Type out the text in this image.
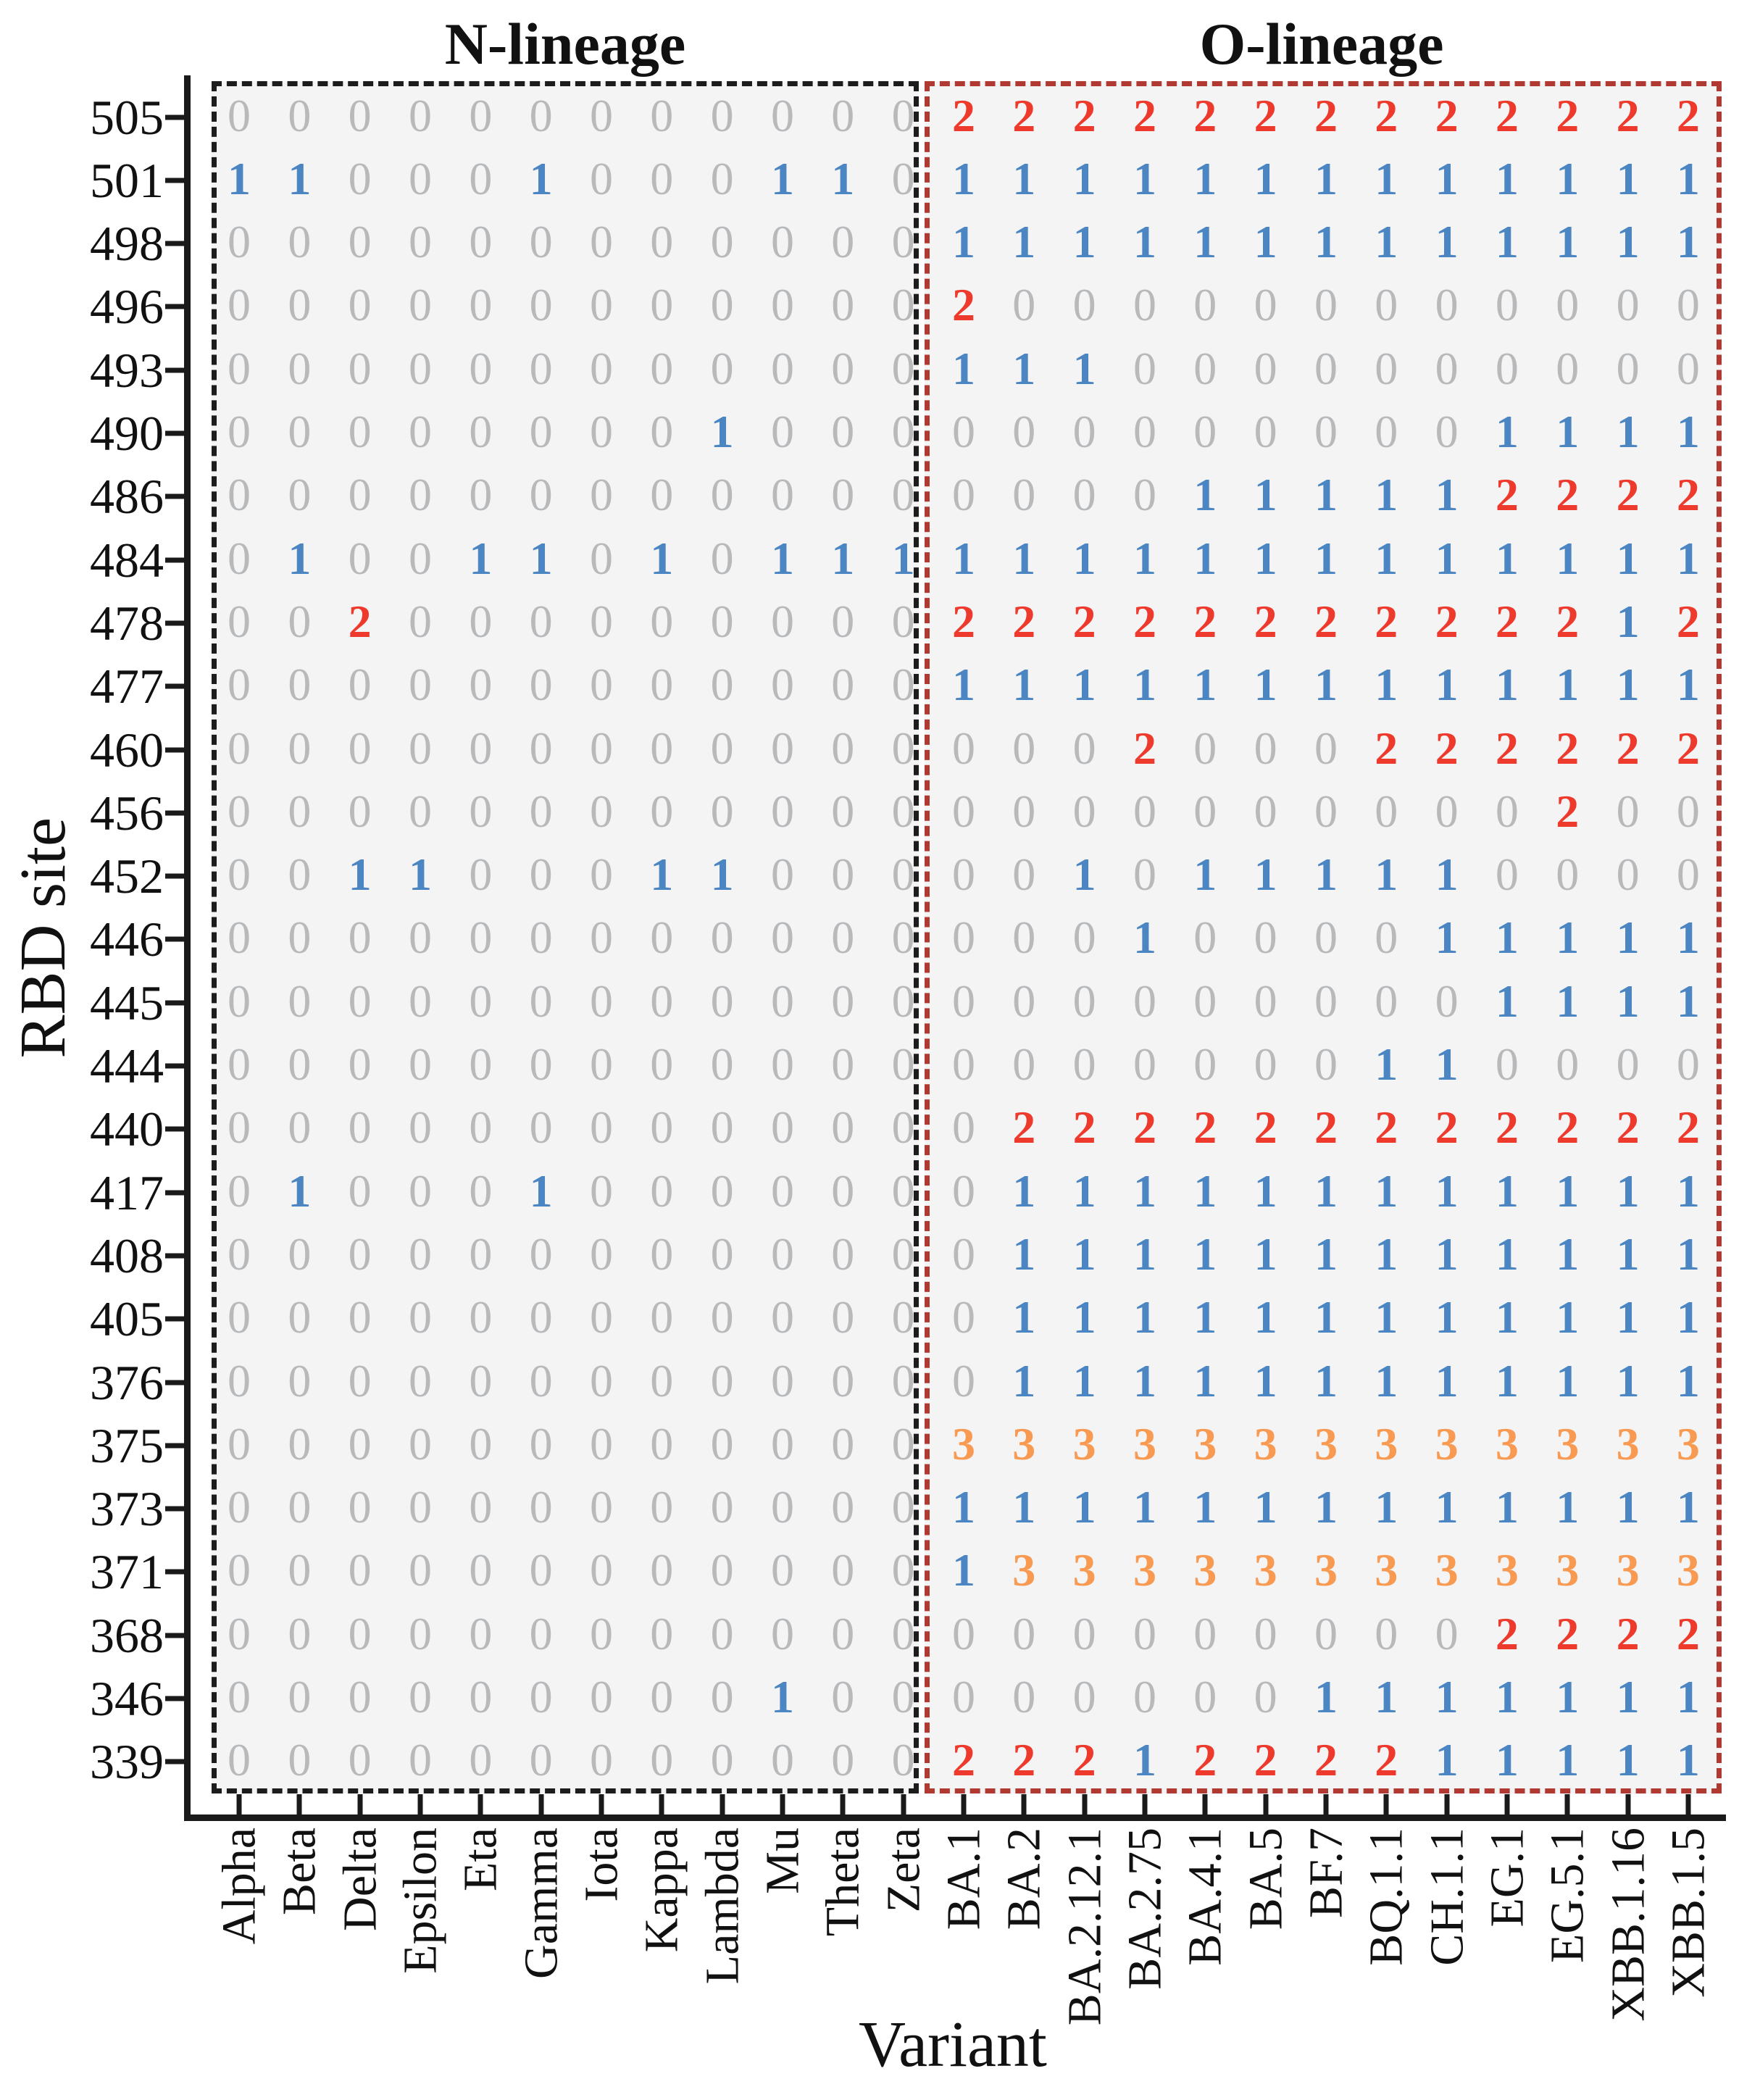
N-lineage	O-lineage
RBD site
Variant
505
501
498
496
493
490
486
484
478
477
460
456
452
446
445
444
440
417
408
405
376
375
373
371
368
346
339
Alpha Beta Delta Epsilon Eta Gamma Iota Kappa Lambda Mu Theta Zeta BA.1 BA.2 BA.2.12.1 BA.2.75 BA.4.1 BA.5 BF.7 BQ.1.1 CH.1.1 EG.1 EG.5.1 XBB.1.16 XBB.1.5
0 0 0 0 0 0 0 0 0 0 0 0 2 2 2 2 2 2 2 2 2 2 2 2 2
1 1 0 0 0 1 0 0 0 1 1 0 1 1 1 1 1 1 1 1 1 1 1 1 1
0 0 0 0 0 0 0 0 0 0 0 0 1 1 1 1 1 1 1 1 1 1 1 1 1
0 0 0 0 0 0 0 0 0 0 0 0 2 0 0 0 0 0 0 0 0 0 0 0 0
0 0 0 0 0 0 0 0 0 0 0 0 1 1 1 0 0 0 0 0 0 0 0 0 0
0 0 0 0 0 0 0 0 1 0 0 0 0 0 0 0 0 0 0 0 0 1 1 1 1
0 0 0 0 0 0 0 0 0 0 0 0 0 0 0 0 1 1 1 1 1 2 2 2 2
0 1 0 0 1 1 0 1 0 1 1 1 1 1 1 1 1 1 1 1 1 1 1 1 1
0 0 2 0 0 0 0 0 0 0 0 0 2 2 2 2 2 2 2 2 2 2 2 1 2
0 0 0 0 0 0 0 0 0 0 0 0 1 1 1 1 1 1 1 1 1 1 1 1 1
0 0 0 0 0 0 0 0 0 0 0 0 0 0 0 2 0 0 0 2 2 2 2 2 2
0 0 0 0 0 0 0 0 0 0 0 0 0 0 0 0 0 0 0 0 0 0 2 0 0
0 0 1 1 0 0 0 1 1 0 0 0 0 0 1 0 1 1 1 1 1 0 0 0 0
0 0 0 0 0 0 0 0 0 0 0 0 0 0 0 1 0 0 0 0 1 1 1 1 1
0 0 0 0 0 0 0 0 0 0 0 0 0 0 0 0 0 0 0 0 0 1 1 1 1
0 0 0 0 0 0 0 0 0 0 0 0 0 0 0 0 0 0 0 1 1 0 0 0 0
0 0 0 0 0 0 0 0 0 0 0 0 0 2 2 2 2 2 2 2 2 2 2 2 2
0 1 0 0 0 1 0 0 0 0 0 0 0 1 1 1 1 1 1 1 1 1 1 1 1
0 0 0 0 0 0 0 0 0 0 0 0 0 1 1 1 1 1 1 1 1 1 1 1 1
0 0 0 0 0 0 0 0 0 0 0 0 0 1 1 1 1 1 1 1 1 1 1 1 1
0 0 0 0 0 0 0 0 0 0 0 0 0 1 1 1 1 1 1 1 1 1 1 1 1
0 0 0 0 0 0 0 0 0 0 0 0 3 3 3 3 3 3 3 3 3 3 3 3 3
0 0 0 0 0 0 0 0 0 0 0 0 1 1 1 1 1 1 1 1 1 1 1 1 1
0 0 0 0 0 0 0 0 0 0 0 0 1 3 3 3 3 3 3 3 3 3 3 3 3
0 0 0 0 0 0 0 0 0 0 0 0 0 0 0 0 0 0 0 0 0 2 2 2 2
0 0 0 0 0 0 0 0 0 1 0 0 0 0 0 0 0 0 1 1 1 1 1 1 1
0 0 0 0 0 0 0 0 0 0 0 0 2 2 2 1 2 2 2 2 1 1 1 1 1
